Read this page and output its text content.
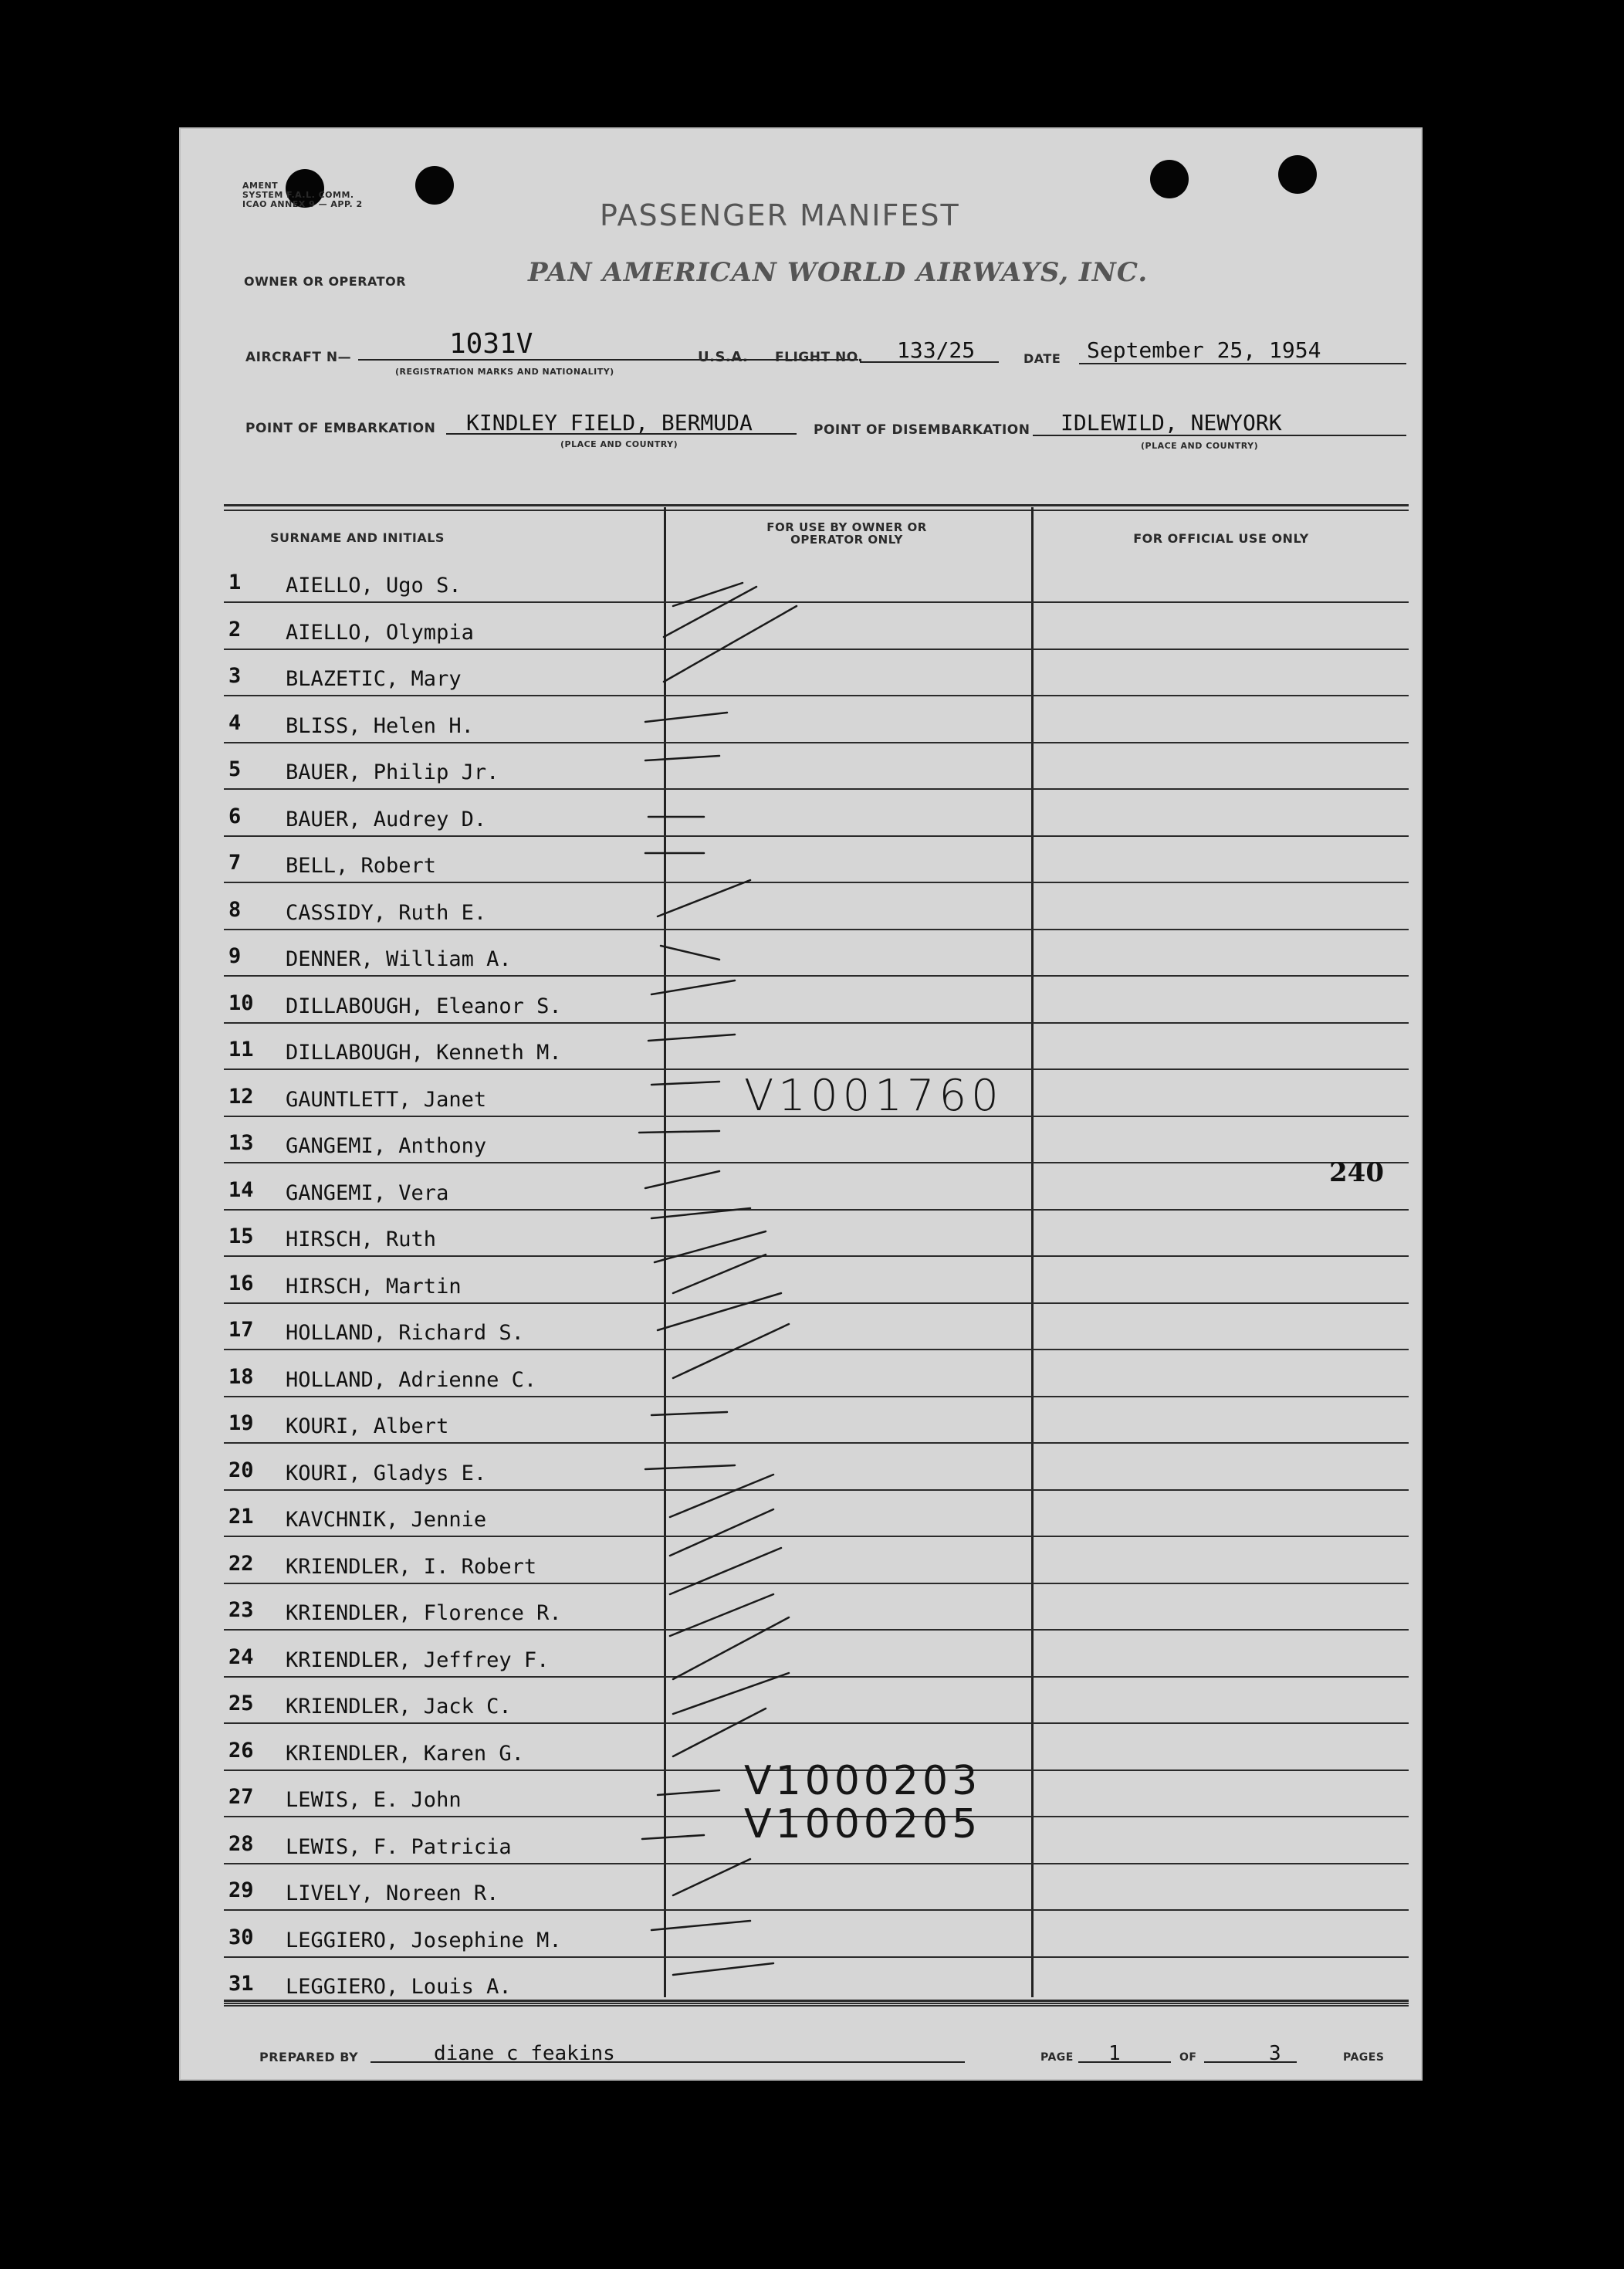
AMENT
SYSTEM F.A.L. COMM.
ICAO ANNEX 9 — APP. 2
OWNER OR OPERATOR
PASSENGER MANIFEST
PAN AMERICAN WORLD AIRWAYS, INC.
AIRCRAFT N—	1031V
(REGISTRATION MARKS AND NATIONALITY)
U.S.A. FLIGHT NO. 133/25	DATE September 25, 1954
POINT OF EMBARKATION KINDLEY FIELD, BERMUDA
(PLACE AND COUNTRY)
POINT OF DISEMBARKATION IDLEWILD, NEWYORK
(PLACE AND COUNTRY)
SURNAME AND INITIALS
FOR USE BY OWNER OR OPERATOR ONLY	FOR OFFICIAL USE ONLY
1	AIELLO, Ugo S.
2	AIELLO, Olympia
3	BLAZETIC, Mary
4	BLISS, Helen H.
5	BAUER, Philip Jr.
6	BAUER, Audrey D.
7	BELL, Robert
8	CASSIDY, Ruth E.
9	DENNER, William A.
10 DILLABOUGH, Eleanor S.
11 DILLABOUGH, Kenneth M.
12 GAUNTLETT, Janet
13 GANGEMI, Anthony
14 GANGEMI, Vera
15 HIRSCH, Ruth
16 HIRSCH, Martin
17 HOLLAND, Richard S.
18 HOLLAND, Adrienne C.
19 KOURI, Albert
20 KOURI, Gladys E.
21 KAVCHNIK, Jennie
22 KRIENDLER, I. Robert
23 KRIENDLER, Florence R.
24 KRIENDLER, Jeffrey F.
25 KRIENDLER, Jack C.
26 KRIENDLER, Karen G.
27 LEWIS, E. John
28 LEWIS, F. Patricia
29 LIVELY, Noreen R.
30 LEGGIERO, Josephine M.
31 LEGGIERO, Louis A.
240
V1001760
V1000203
V1000205
PREPARED BY	diane c feakins	PAGE 1	OF	3	PAGES
